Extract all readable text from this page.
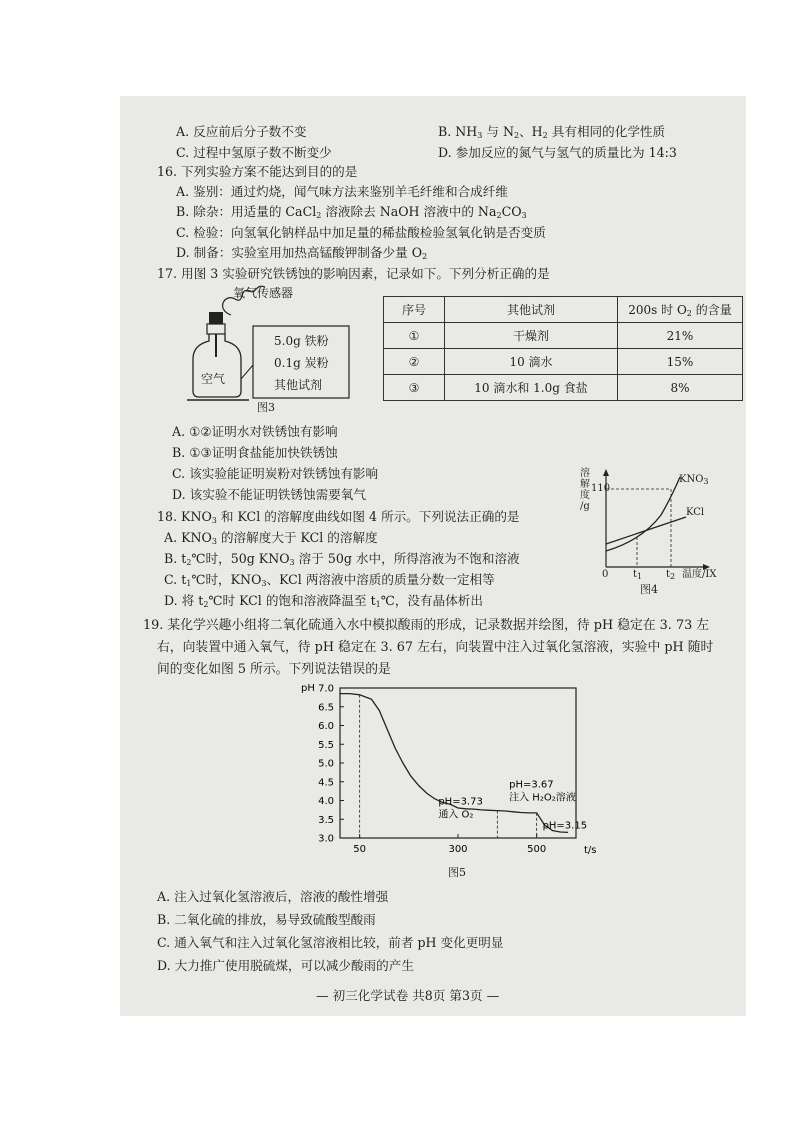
A. 反应前后分子数不变	B. $NH_3$ 与 $N_2$、$H_2$ 具有相同的化学性质
C. 过程中氢原子数不断变少	D. 参加反应的氮气与氢气的质量比为 14:3
16. 下列实验方案不能达到目的的是
A. 鉴别：通过灼烧，闻气味方法来鉴别羊毛纤维和合成纤维
B. 除杂：用适量的 CaCl$_2$ 溶液除去 NaOH 溶液中的 $Na_2CO_3$
C. 检验：向氢氧化钠样品中加足量的稀盐酸检验氢氧化钠是否变质
D. 制备：实验室用加热高锰酸钾制备少量 $O_2$
17. 用图 3 实验研究铁锈蚀的影响因素，记录如下。下列分析正确的是
氧气传感器
5.0g 铁粉
0.1g 炭粉
其他试剂
空气
图3
序号	其他试剂	200s 时 $O_2$ 的含量
①	干燥剂	21%
②	10 滴水	15%
③	10 滴水和 1.0g 食盐	8%
A. ①②证明水对铁锈蚀有影响
B. ①③证明食盐能加快铁锈蚀
C. 该实验能证明炭粉对铁锈蚀有影响
D. 该实验不能证明铁锈蚀需要氧气
18. $KNO_3$ 和 KCl 的溶解度曲线如图 4 所示。下列说法正确的是
A. $KNO_3$ 的溶解度大于 KCl 的溶解度
B. $t_2℃$时，50g $KNO_3$ 溶于 50g 水中，所得溶液为不饱和溶液
C. $t_1℃$时，$KNO_3$、KCl 两溶液中溶质的质量分数一定相等
D. 将 $t_2℃$时 KCl 的饱和溶液降温至 $t_1℃$，没有晶体析出
溶
解
度
/g
110
0 $t_1$ $t_2$ 温度/IX
$KNO_3$
KCl
图4
19. 某化学兴趣小组将二氧化硫通入水中模拟酸雨的形成，记录数据并绘图，待 pH 稳定在 3. 73 左
右，向装置中通入氧气，待 pH 稳定在 3. 67 左右，向装置中注入过氧化氢溶液，实验中 pH 随时
间的变化如图 5 所示。下列说法错误的是
7.0
6.5
6.0
5.5
5.0
4.5
4.0
3.5
3.0
50	300	500	t/s
pH
pH=3.73
通入 O₂
pH=3.67
注入 H₂O₂溶液
pH=3.15
图5
A. 注入过氧化氢溶液后，溶液的酸性增强
B. 二氧化硫的排放，易导致硫酸型酸雨
C. 通入氧气和注入过氧化氢溶液相比较，前者 pH 变化更明显
D. 大力推广使用脱硫煤，可以减少酸雨的产生
— 初三化学试卷 共8页 第3页 —
